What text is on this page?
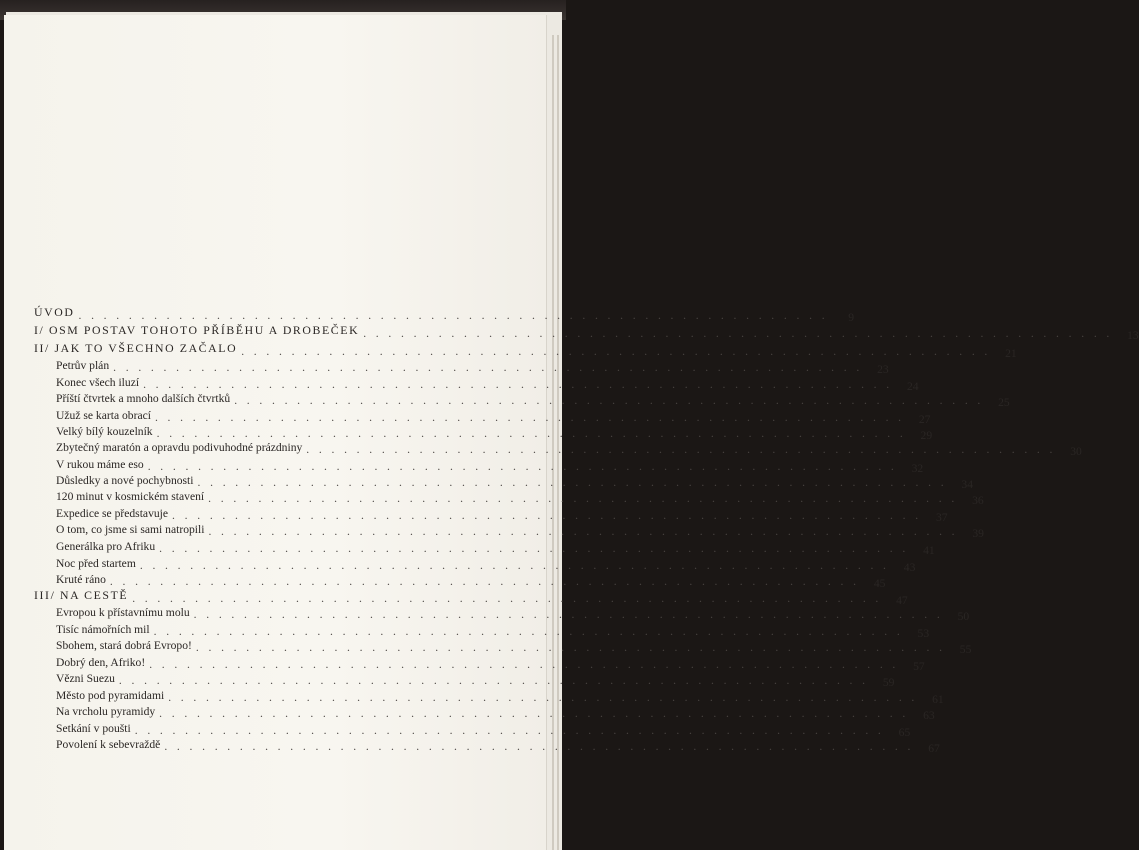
ÚVOD . . . . . . . . . . . . . . . . . . . . . . . . . . . . . . . . . . . . . . . . . . . . . . . . . . . . . . . . . . . .	9
I/ OSM POSTAV TOHOTO PŘÍBĚHU A DROBEČEK . . . . . . . . . . . . . . . . . . . . . . . . . . . . . . . . . . . . . . . . . . . . . . . . . . . . . . . . . . . .	13
II/ JAK TO VŠECHNO ZAČALO . . . . . . . . . . . . . . . . . . . . . . . . . . . . . . . . . . . . . . . . . . . . . . . . . . . . . . . . . . . .	21
Petrův plán . . . . . . . . . . . . . . . . . . . . . . . . . . . . . . . . . . . . . . . . . . . . . . . . . . . . . . . . . . . .	23
Konec všech iluzí . . . . . . . . . . . . . . . . . . . . . . . . . . . . . . . . . . . . . . . . . . . . . . . . . . . . . . . . . . . .	24
Příští čtvrtek a mnoho dalších čtvrtků . . . . . . . . . . . . . . . . . . . . . . . . . . . . . . . . . . . . . . . . . . . . . . . . . . . . . . . . . . . .	25
Užuž se karta obrací . . . . . . . . . . . . . . . . . . . . . . . . . . . . . . . . . . . . . . . . . . . . . . . . . . . . . . . . . . . .	27
Velký bílý kouzelník . . . . . . . . . . . . . . . . . . . . . . . . . . . . . . . . . . . . . . . . . . . . . . . . . . . . . . . . . . . .	29
Zbytečný maratón a opravdu podivuhodné prázdniny . . . . . . . . . . . . . . . . . . . . . . . . . . . . . . . . . . . . . . . . . . . . . . . . . . . . . . . . . . . .	30
V rukou máme eso . . . . . . . . . . . . . . . . . . . . . . . . . . . . . . . . . . . . . . . . . . . . . . . . . . . . . . . . . . . .	32
Důsledky a nové pochybnosti . . . . . . . . . . . . . . . . . . . . . . . . . . . . . . . . . . . . . . . . . . . . . . . . . . . . . . . . . . . .	34
120 minut v kosmickém stavení . . . . . . . . . . . . . . . . . . . . . . . . . . . . . . . . . . . . . . . . . . . . . . . . . . . . . . . . . . . .	36
Expedice se představuje . . . . . . . . . . . . . . . . . . . . . . . . . . . . . . . . . . . . . . . . . . . . . . . . . . . . . . . . . . . .	37
O tom, co jsme si sami natropili . . . . . . . . . . . . . . . . . . . . . . . . . . . . . . . . . . . . . . . . . . . . . . . . . . . . . . . . . . . .	39
Generálka pro Afriku . . . . . . . . . . . . . . . . . . . . . . . . . . . . . . . . . . . . . . . . . . . . . . . . . . . . . . . . . . . .	41
Noc před startem . . . . . . . . . . . . . . . . . . . . . . . . . . . . . . . . . . . . . . . . . . . . . . . . . . . . . . . . . . . .	43
Kruté ráno . . . . . . . . . . . . . . . . . . . . . . . . . . . . . . . . . . . . . . . . . . . . . . . . . . . . . . . . . . . .	45
III/ NA CESTĚ . . . . . . . . . . . . . . . . . . . . . . . . . . . . . . . . . . . . . . . . . . . . . . . . . . . . . . . . . . . .	47
Evropou k přístavnímu molu . . . . . . . . . . . . . . . . . . . . . . . . . . . . . . . . . . . . . . . . . . . . . . . . . . . . . . . . . . . .	50
Tisíc námořních mil . . . . . . . . . . . . . . . . . . . . . . . . . . . . . . . . . . . . . . . . . . . . . . . . . . . . . . . . . . . .	53
Sbohem, stará dobrá Evropo! . . . . . . . . . . . . . . . . . . . . . . . . . . . . . . . . . . . . . . . . . . . . . . . . . . . . . . . . . . . .	55
Dobrý den, Afriko! . . . . . . . . . . . . . . . . . . . . . . . . . . . . . . . . . . . . . . . . . . . . . . . . . . . . . . . . . . . .	57
Vězni Suezu . . . . . . . . . . . . . . . . . . . . . . . . . . . . . . . . . . . . . . . . . . . . . . . . . . . . . . . . . . . .	59
Město pod pyramidami . . . . . . . . . . . . . . . . . . . . . . . . . . . . . . . . . . . . . . . . . . . . . . . . . . . . . . . . . . . .	61
Na vrcholu pyramidy . . . . . . . . . . . . . . . . . . . . . . . . . . . . . . . . . . . . . . . . . . . . . . . . . . . . . . . . . . . .	63
Setkání v poušti . . . . . . . . . . . . . . . . . . . . . . . . . . . . . . . . . . . . . . . . . . . . . . . . . . . . . . . . . . . .	65
Povolení k sebevraždě . . . . . . . . . . . . . . . . . . . . . . . . . . . . . . . . . . . . . . . . . . . . . . . . . . . . . . . . . . . .	67
